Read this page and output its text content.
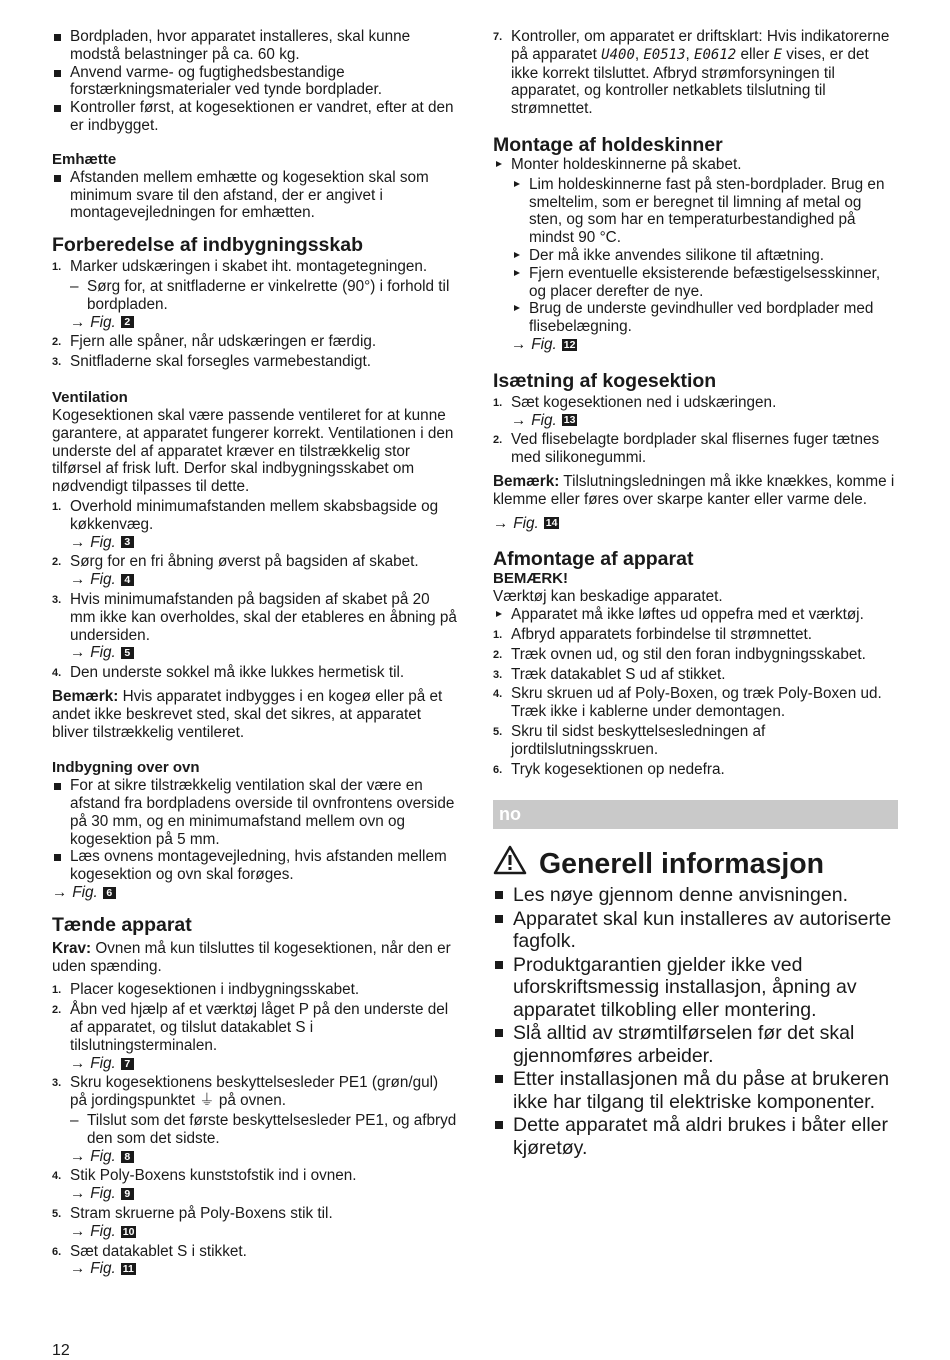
Bordpladen, hvor apparatet installeres, skal kunne modstå belastninger på ca. 60 kg.
Anvend varme- og fugtighedsbestandige forstærkningsmaterialer ved tynde bordplader.
Kontroller først, at kogesektionen er vandret, efter at den er indbygget.
Emhætte
Afstanden mellem emhætte og kogesektion skal som minimum svare til den afstand, der er angivet i montagevejledningen for emhætten.
Forberedelse af indbygningsskab
1. Marker udskæringen i skabet iht. montagetegningen.
– Sørg for, at snitfladerne er vinkelrette (90°) i forhold til bordpladen.
→ Fig. 2
2. Fjern alle spåner, når udskæringen er færdig.
3. Snitfladerne skal forsegles varmebestandigt.
Ventilation

Kogesektionen skal være passende ventileret for at kunne garantere, at apparatet fungerer korrekt. Ventilationen i den underste del af apparatet kræver en tilstrækkelig stor tilførsel af frisk luft. Derfor skal indbygningsskabet om nødvendigt tilpasses til dette.

1. Overhold minimumafstanden mellem skabsbagside og køkkenvæg.
→ Fig. 3
2. Sørg for en fri åbning øverst på bagsiden af skabet.
→ Fig. 4
3. Hvis minimumafstanden på bagsiden af skabet på 20 mm ikke kan overholdes, skal der etableres en åbning på undersiden.
→ Fig. 5
4. Den underste sokkel må ikke lukkes hermetisk til.

Bemærk: Hvis apparatet indbygges i en kogeø eller på et andet ikke beskrevet sted, skal det sikres, at apparatet bliver tilstrækkelig ventileret.

Indbygning over ovn
For at sikre tilstrækkelig ventilation skal der være en afstand fra bordpladens overside til ovnfrontens overside på 30 mm, og en minimumafstand mellem ovn og kogesektion på 5 mm.
Læs ovnens montagevejledning, hvis afstanden mellem kogesektion og ovn skal forøges.
→ Fig. 6
Tænde apparat

Krav: Ovnen må kun tilsluttes til kogesektionen, når den er uden spænding.

1. Placer kogesektionen i indbygningsskabet.
2. Åbn ved hjælp af et værktøj låget P på den underste del af apparatet, og tilslut datakablet S i tilslutningsterminalen.
→ Fig. 7
3. Skru kogesektionens beskyttelsesleder PE1 (grøn/gul) på jordingspunktet ⏚ på ovnen.
– Tilslut som det første beskyttelsesleder PE1, og afbryd den som det sidste.
→ Fig. 8
4. Stik Poly-Boxens kunststofstik ind i ovnen.
→ Fig. 9
5. Stram skruerne på Poly-Boxens stik til.
→ Fig. 10
6. Sæt datakablet S i stikket.
→ Fig. 11
7. Kontroller, om apparatet er driftsklart: Hvis indikatorerne på apparatet U400, E0513, E0612 eller E vises, er det ikke korrekt tilsluttet. Afbryd strømforsyningen til apparatet, og kontroller netkablets tilslutning til strømnettet.
Montage af holdeskinner
Monter holdeskinnerne på skabet.
Lim holdeskinnerne fast på sten-bordplader. Brug en smeltelim, som er beregnet til limning af metal og sten, og som har en temperaturbestandighed på mindst 90 °C.
Der må ikke anvendes silikone til aftætning.
Fjern eventuelle eksisterende befæstigelsesskinner, og placer derefter de nye.
Brug de underste gevindhuller ved bordplader med flisebelægning.
→ Fig. 12
Isætning af kogesektion
1. Sæt kogesektionen ned i udskæringen.
→ Fig. 13
2. Ved flisebelagte bordplader skal flisernes fuger tætnes med silikonegummi.

Bemærk: Tilslutningsledningen må ikke knækkes, komme i klemme eller føres over skarpe kanter eller varme dele.

→ Fig. 14
Afmontage af apparat
BEMÆRK!

Værktøj kan beskadige apparatet.

Apparatet må ikke løftes ud oppefra med et værktøj.
1. Afbryd apparatets forbindelse til strømnettet.
2. Træk ovnen ud, og stil den foran indbygningsskabet.
3. Træk datakablet S ud af stikket.
4. Skru skruen ud af Poly-Boxen, og træk Poly-Boxen ud. Træk ikke i kablerne under demontagen.
5. Skru til sidst beskyttelsesledningen af jordtilslutningsskruen.
6. Tryk kogesektionen op nedefra.
no
Generell informasjon
Les nøye gjennom denne anvisningen.
Apparatet skal kun installeres av autoriserte fagfolk.
Produktgarantien gjelder ikke ved uforskriftsmessig installasjon, åpning av apparatet tilkobling eller montering.
Slå alltid av strømtilførselen før det skal gjennomføres arbeider.
Etter installasjonen må du påse at brukeren ikke har tilgang til elektriske komponenter.
Dette apparatet må aldri brukes i båter eller kjøretøy.
12
